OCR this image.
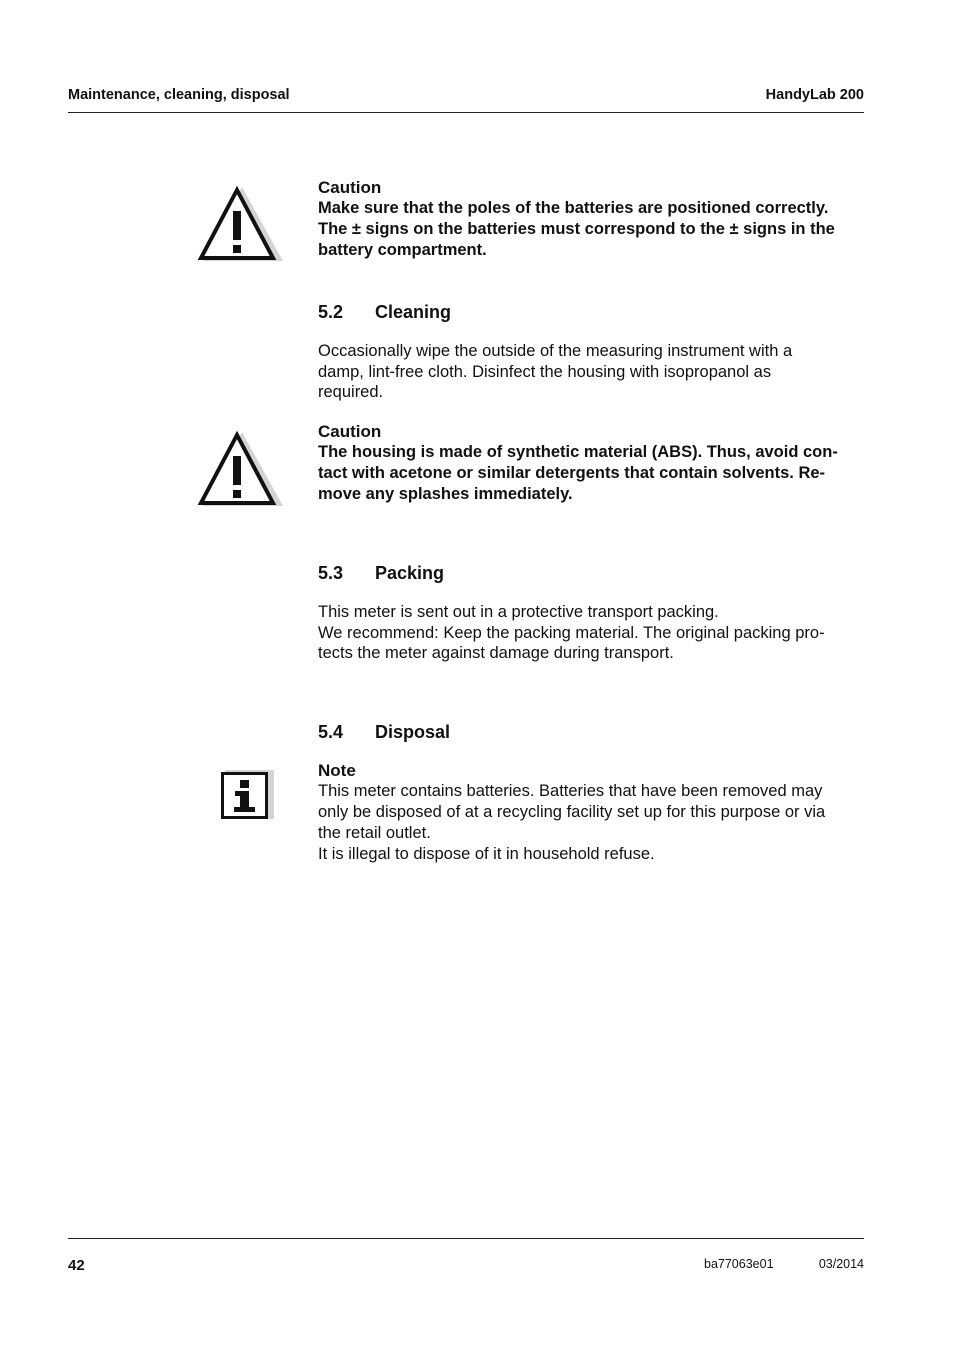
Maintenance, cleaning, disposal	HandyLab 200
Caution
Make sure that the poles of the batteries are positioned correctly.
The ± signs on the batteries must correspond to the ± signs in the
battery compartment.
5.2 Cleaning
Occasionally wipe the outside of the measuring instrument with a
damp, lint-free cloth. Disinfect the housing with isopropanol as
required.
Caution
The housing is made of synthetic material (ABS). Thus, avoid con-
tact with acetone or similar detergents that contain solvents. Re-
move any splashes immediately.
5.3 Packing
This meter is sent out in a protective transport packing.
We recommend: Keep the packing material. The original packing pro-
tects the meter against damage during transport.
5.4 Disposal
Note
This meter contains batteries. Batteries that have been removed may
only be disposed of at a recycling facility set up for this purpose or via
the retail outlet.
It is illegal to dispose of it in household refuse.
42	ba77063e01	03/2014
